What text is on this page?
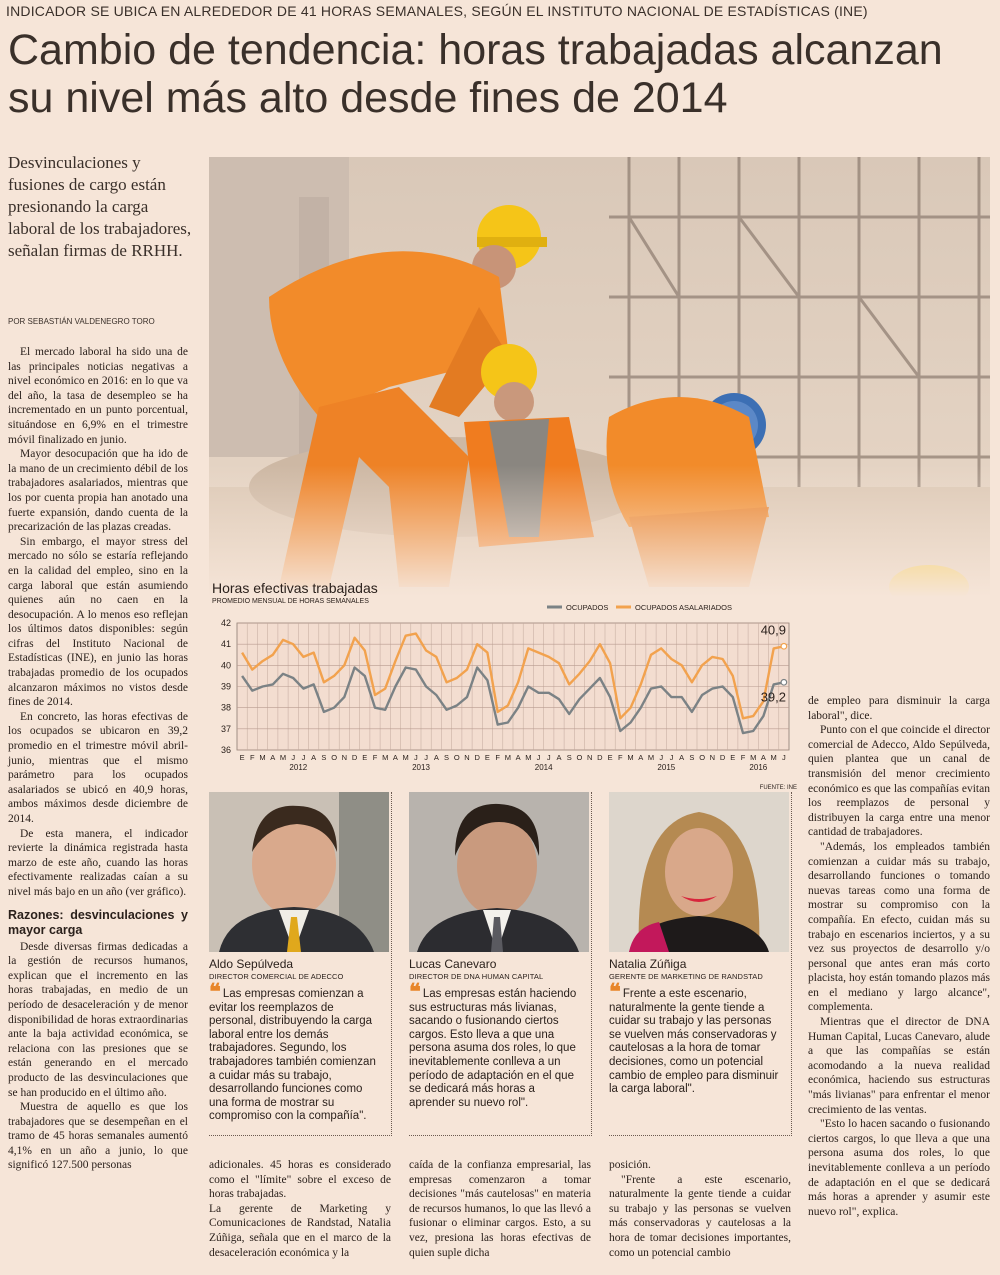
INDICADOR SE UBICA EN ALREDEDOR DE 41 HORAS SEMANALES, SEGÚN EL INSTITUTO NACIONAL DE ESTADÍSTICAS (INE)
Cambio de tendencia: horas trabajadas alcanzan su nivel más alto desde fines de 2014
Desvinculaciones y fusiones de cargo están presionando la carga laboral de los trabajadores, señalan firmas de RRHH.
POR SEBASTIÁN VALDENEGRO TORO

El mercado laboral ha sido una de las principales noticias negativas a nivel económico en 2016: en lo que va del año, la tasa de desempleo se ha incrementado en un punto porcentual, situándose en 6,9% en el trimestre móvil finalizado en junio.

Mayor desocupación que ha ido de la mano de un crecimiento débil de los trabajadores asalariados, mientras que los por cuenta propia han anotado una fuerte expansión, dando cuenta de la precarización de las plazas creadas.

Sin embargo, el mayor stress del mercado no sólo se estaría reflejando en la calidad del empleo, sino en la carga laboral que están asumiendo quienes aún no caen en la desocupación. A lo menos eso reflejan los últimos datos disponibles: según cifras del Instituto Nacional de Estadísticas (INE), en junio las horas trabajadas promedio de los ocupados alcanzaron máximos no vistos desde fines de 2014.

En concreto, las horas efectivas de los ocupados se ubicaron en 39,2 promedio en el trimestre móvil abril-junio, mientras que el mismo parámetro para los ocupados asalariados se ubicó en 40,9 horas, ambos máximos desde diciembre de 2014.

De esta manera, el indicador revierte la dinámica registrada hasta marzo de este año, cuando las horas efectivamente realizadas caían a su nivel más bajo en un año (ver gráfico).

Razones: desvinculaciones y mayor carga

Desde diversas firmas dedicadas a la gestión de recursos humanos, explican que el incremento en las horas trabajadas, en medio de un período de desaceleración y de menor disponibilidad de horas extraordinarias ante la baja actividad económica, se relaciona con las presiones que se están generando en el mercado producto de las desvinculaciones que se han producido en el último año.

Muestra de aquello es que los trabajadores que se desempeñan en el tramo de 45 horas semanales aumentó 4,1% en un año a junio, lo que significó 127.500 personas

Horas efectivas trabajadas
PROMEDIO MENSUAL DE HORAS SEMANALES
OCUPADOS	OCUPADOS ASALARIADOS
36
37
38
39
40
41
42
E F M A M J J A S O N D E F M A M J J A S O N D E F M A M J J A S O N D E F M A M J J A S O N D E F M A M J
2012	2013	2014	2015	2016
40,9
39,2
FUENTE: INE
Aldo Sepúlveda
DIRECTOR COMERCIAL DE ADECCO
❝ Las empresas comienzan a evitar los reemplazos de personal, distribuyendo la carga laboral entre los demás trabajadores. Segundo, los trabajadores también comienzan a cuidar más su trabajo, desarrollando funciones como una forma de mostrar su compromiso con la compañía".
Lucas Canevaro
DIRECTOR DE DNA HUMAN CAPITAL
❝ Las empresas están haciendo sus estructuras más livianas, sacando o fusionando ciertos cargos. Esto lleva a que una persona asuma dos roles, lo que inevitablemente conlleva a un período de adaptación en el que se dedicará más horas a aprender su nuevo rol".
Natalia Zúñiga
GERENTE DE MARKETING DE RANDSTAD
❝ Frente a este escenario, naturalmente la gente tiende a cuidar su trabajo y las personas se vuelven más conservadoras y cautelosas a la hora de tomar decisiones, como un potencial cambio de empleo para disminuir la carga laboral".
adicionales. 45 horas es considerado como el "límite" sobre el exceso de horas trabajadas.
La gerente de Marketing y Comunicaciones de Randstad, Natalia Zúñiga, señala que en el marco de la desaceleración económica y la
caída de la confianza empresarial, las empresas comenzaron a tomar decisiones "más cautelosas" en materia de recursos humanos, lo que las llevó a fusionar o eliminar cargos. Esto, a su vez, presiona las horas efectivas de quien suple dicha
posición.

"Frente a este escenario, naturalmente la gente tiende a cuidar su trabajo y las personas se vuelven más conservadoras y cautelosas a la hora de tomar decisiones importantes, como un potencial cambio

de empleo para disminuir la carga laboral", dice.

Punto con el que coincide el director comercial de Adecco, Aldo Sepúlveda, quien plantea que un canal de transmisión del menor crecimiento económico es que las compañías evitan los reemplazos de personal y distribuyen la carga entre una menor cantidad de trabajadores.

"Además, los empleados también comienzan a cuidar más su trabajo, desarrollando funciones o tomando nuevas tareas como una forma de mostrar su compromiso con la compañía. En efecto, cuidan más su trabajo en escenarios inciertos, y a su vez sus proyectos de desarrollo y/o personal que antes eran más corto placista, hoy están tomando plazos más en el mediano y largo alcance", complementa.

Mientras que el director de DNA Human Capital, Lucas Canevaro, alude a que las compañías se están acomodando a la nueva realidad económica, haciendo sus estructuras "más livianas" para enfrentar el menor crecimiento de las ventas.

"Esto lo hacen sacando o fusionando ciertos cargos, lo que lleva a que una persona asuma dos roles, lo que inevitablemente conlleva a un período de adaptación en el que se dedicará más horas a aprender y asumir este nuevo rol", explica.
